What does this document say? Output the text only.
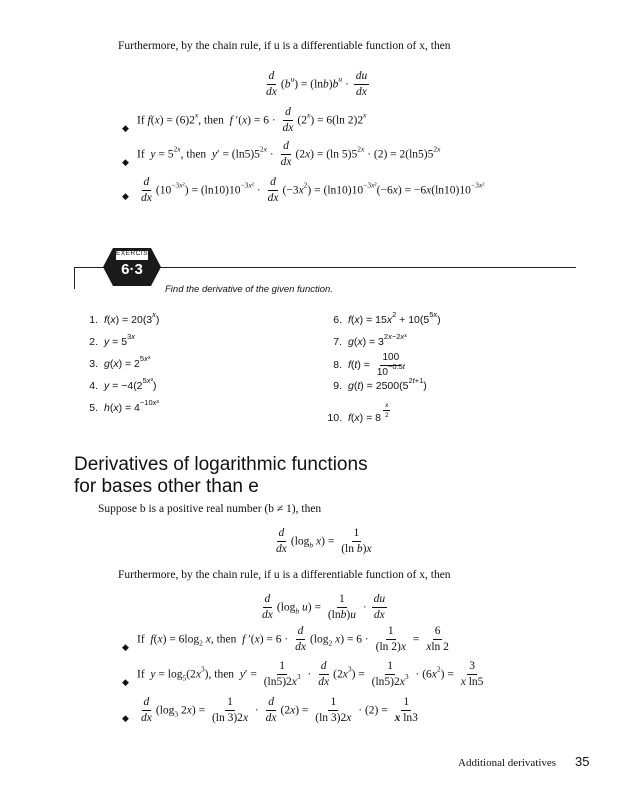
Furthermore, by the chain rule, if u is a differentiable function of x, then
$\frac{d}{dx} (b^u) = (\ln b)b^u \cdot \frac{du}{dx}$
◆
If $f(x) = (6)2^x$, then  f $'(x) = 6 \cdot \frac{d}{dx} (2^x) = 6(\ln$ 2)2$^x$
◆
If  $y = 5^{2x}$, then  $y' = (\ln 5)5^{2x} \cdot \frac{d}{dx} (2x) = (\ln$ $5)5^{2x} \cdot (2) = 2(\ln 5)5^{2x}$
◆ $\frac{d}{dx} (10^{-3x^2}) = (\ln 10)10^{-3x^2} \cdot \frac{d}{dx} (-3x^2) = (\ln 10)10^{-3x^2}(-6x) = -6x(\ln 10)10^{-3x^2}$
EXERCISE
6·3
Find the derivative of the given function.
1. $f(x) = 20(3^x)$
2. $y = 5^{3x}$
3. $g(x) = 2^{5x^3}$
4. $y = -4(2^{5x^3})$
5. $h(x) = 4^{-10x^3}$
6. $f(x) = 15x^2 + 10(5^{5x})$
7. $g(x) = 3^{2x-2x^3}$
8. $f(t) = \frac{100}{10^{-0.5t}}$
9. $g(t) = 2500(5^{2t+1})$
10. f(x) = 8 $^{\frac{x}{2}}$
Derivatives of logarithmic functions
for bases other than e
Suppose b is a positive real number (b ≠ 1), then
$\frac{d}{dx} (\log_b$ $x) = \frac{1}{\text{(ln b)x}}$
Furthermore, by the chain rule, if u is a differentiable function of x, then
$\frac{d}{dx} (\log_b$ $u) = \frac{1}{(\ln b)u} \cdot \frac{du}{dx}$
◆
If  $f(x) = 6\log_2$ x, then  f $'(x) = 6 \cdot \frac{d}{dx} (\log_2$ $x) = 6 \cdot \frac{1}{(\ln 2)x} = \frac{6}{xln 2}$
◆
If  $y = \log_5(2x^3)$, then  $y' = \frac{1}{(\ln 5)2x^3} \cdot \frac{d}{dx} (2x^3) = \frac{1}{(\ln 5)2x^3} \cdot (6x^2) = \frac{3}{\text{x ln5}}$
◆ $\frac{d}{dx} (\log_3$ $2x) = \frac{1}{(\ln 3)2x} \cdot \frac{d}{dx} (2x) = \frac{1}{(\ln 3)2x} \cdot (2) = \frac{1}{\text{x ln3}}$
Additional derivatives 35
